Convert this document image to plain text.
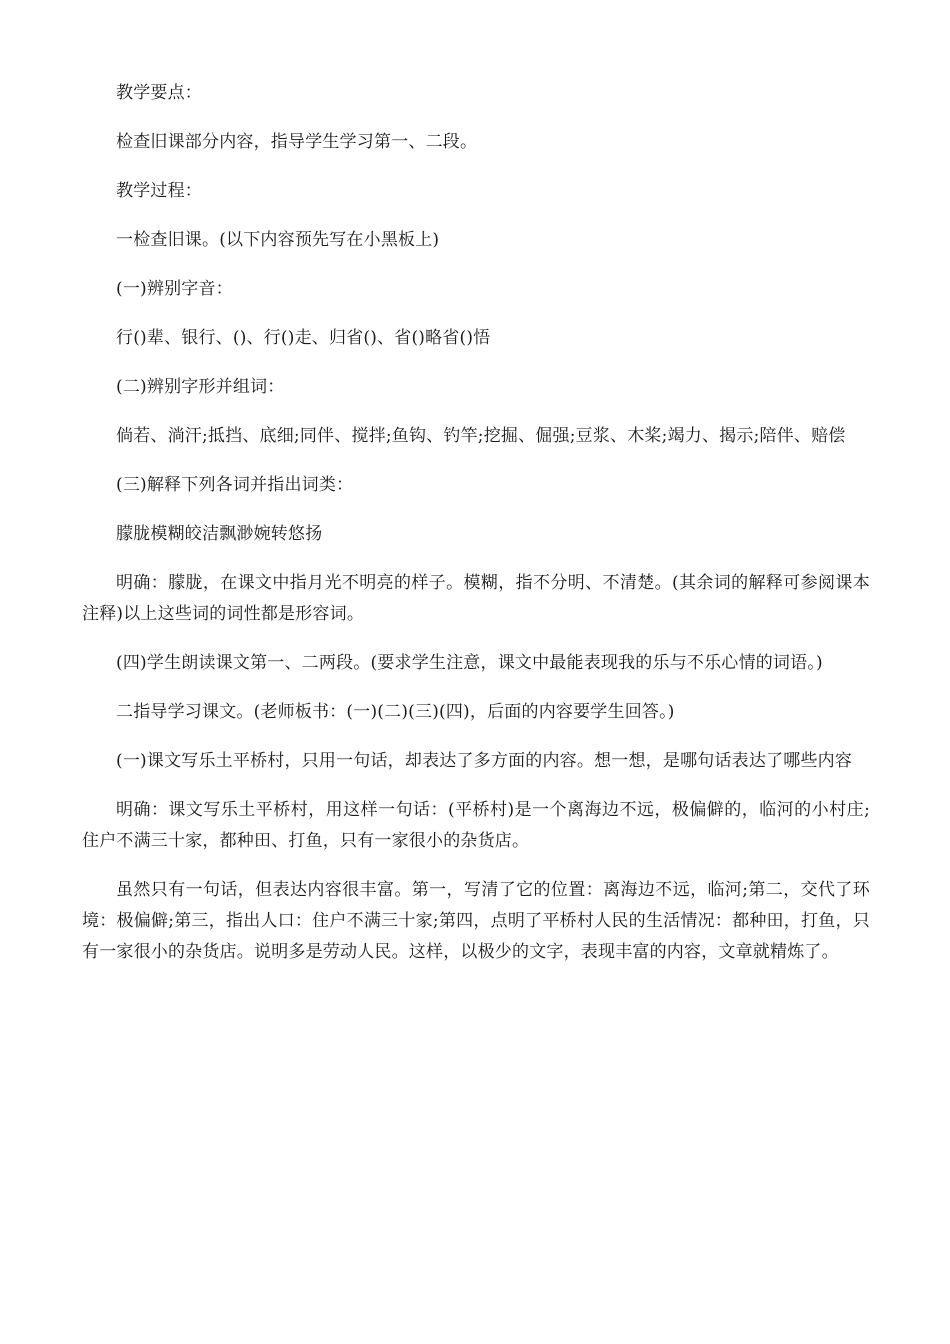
教学要点：

检查旧课部分内容，指导学生学习第一、二段。

教学过程：

一检查旧课。(以下内容预先写在小黑板上)

(一)辨别字音：

行()辈、银行、()、行()走、归省()、省()略省()悟

(二)辨别字形并组词：

倘若、淌汗;抵挡、底细;同伴、搅拌;鱼钩、钓竿;挖掘、倔强;豆浆、木桨;竭力、揭示;陪伴、赔偿

(三)解释下列各词并指出词类：

朦胧模糊皎洁飘渺婉转悠扬

明确：朦胧，在课文中指月光不明亮的样子。模糊，指不分明、不清楚。(其余词的解释可参阅课本注释)以上这些词的词性都是形容词。

(四)学生朗读课文第一、二两段。(要求学生注意，课文中最能表现我的乐与不乐心情的词语。)

二指导学习课文。(老师板书：(一)(二)(三)(四)，后面的内容要学生回答。)

(一)课文写乐土平桥村，只用一句话，却表达了多方面的内容。想一想，是哪句话表达了哪些内容

明确：课文写乐土平桥村，用这样一句话：(平桥村)是一个离海边不远，极偏僻的，临河的小村庄;住户不满三十家，都种田、打鱼，只有一家很小的杂货店。

虽然只有一句话，但表达内容很丰富。第一，写清了它的位置：离海边不远，临河;第二，交代了环境：极偏僻;第三，指出人口：住户不满三十家;第四，点明了平桥村人民的生活情况：都种田，打鱼，只有一家很小的杂货店。说明多是劳动人民。这样，以极少的文字，表现丰富的内容，文章就精炼了。
